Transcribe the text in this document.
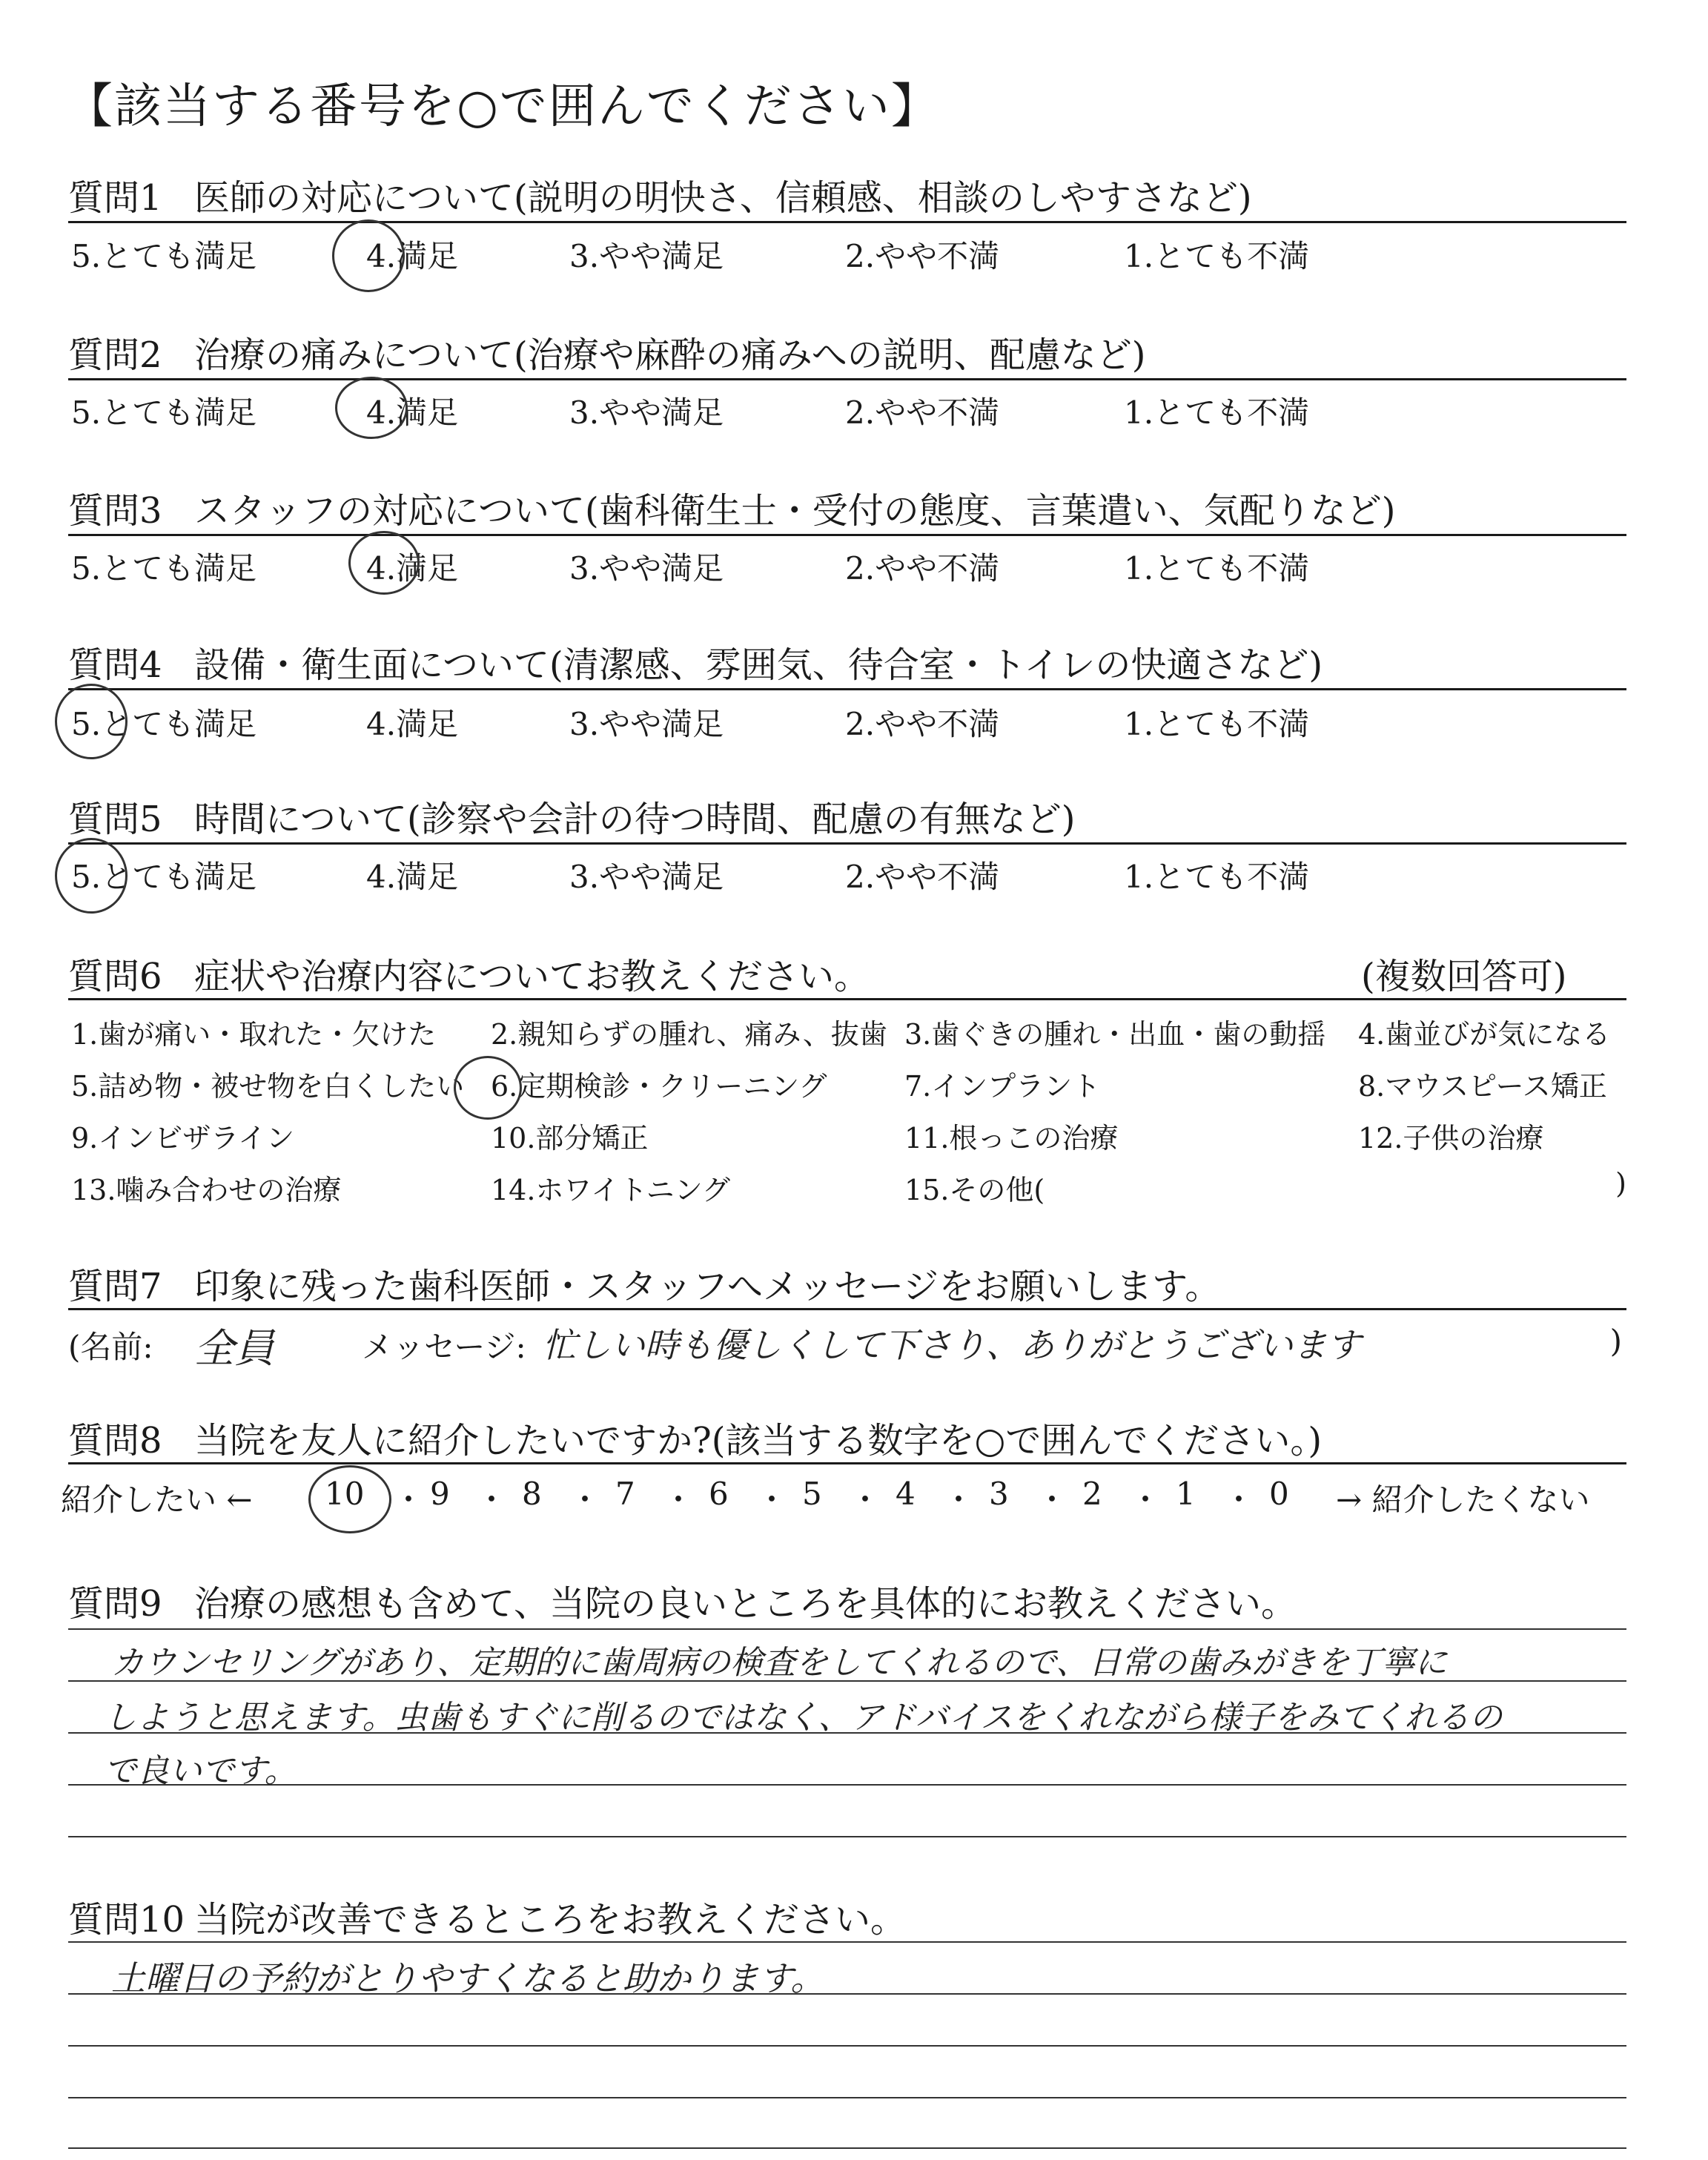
【該当する番号を○で囲んでください】
質問1 医師の対応について(説明の明快さ、信頼感、相談のしやすさなど)
5.とても満足	4.満足	3.やや満足	2.やや不満	1.とても不満
質問2 治療の痛みについて(治療や麻酔の痛みへの説明、配慮など)
5.とても満足	4.満足	3.やや満足	2.やや不満	1.とても不満
質問3 スタッフの対応について(歯科衛生士・受付の態度、言葉遣い、気配りなど)
5.とても満足	4.満足	3.やや満足	2.やや不満	1.とても不満
質問4 設備・衛生面について(清潔感、雰囲気、待合室・トイレの快適さなど)
5.とても満足	4.満足	3.やや満足	2.やや不満	1.とても不満
質問5 時間について(診察や会計の待つ時間、配慮の有無など)
5.とても満足	4.満足	3.やや満足	2.やや不満	1.とても不満
質問6 症状や治療内容についてお教えください。	(複数回答可)
1.歯が痛い・取れた・欠けた 2.親知らずの腫れ、痛み、抜歯 3.歯ぐきの腫れ・出血・歯の動揺 4.歯並びが気になる
5.詰め物・被せ物を白くしたい 6.定期検診・クリーニング	7.インプラント	8.マウスピース矯正
9.インビザライン	10.部分矯正	11.根っこの治療	12.子供の治療
13.噛み合わせの治療	14.ホワイトニング	15.その他(	)
質問7 印象に残った歯科医師・スタッフへメッセージをお願いします。
(名前: 全員	メッセージ: 忙しい時も優しくして下さり、ありがとうございます	)
質問8 当院を友人に紹介したいですか?(該当する数字を○で囲んでください。)
紹介したい ← 10 ・ 9 ・ 8 ・ 7 ・ 6 ・ 5 ・ 4 ・ 3 ・ 2 ・ 1 ・ 0 → 紹介したくない
質問9 治療の感想も含めて、当院の良いところを具体的にお教えください。
カウンセリングがあり、定期的に歯周病の検査をしてくれるので、日常の歯みがきを丁寧に
しようと思えます。虫歯もすぐに削るのではなく、アドバイスをくれながら様子をみてくれるの
で良いです。
質問10 当院が改善できるところをお教えください。
土曜日の予約がとりやすくなると助かります。
